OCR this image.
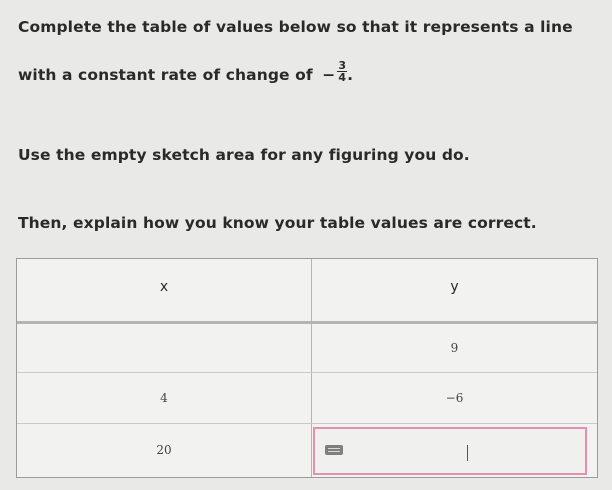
Complete the table of values below so that it represents a line
with a constant rate of change of − $\frac{3}{4}$ .
Use the empty sketch area for any figuring you do.
Then, explain how you know your table values are correct.
x	y
9
4	−6
20
